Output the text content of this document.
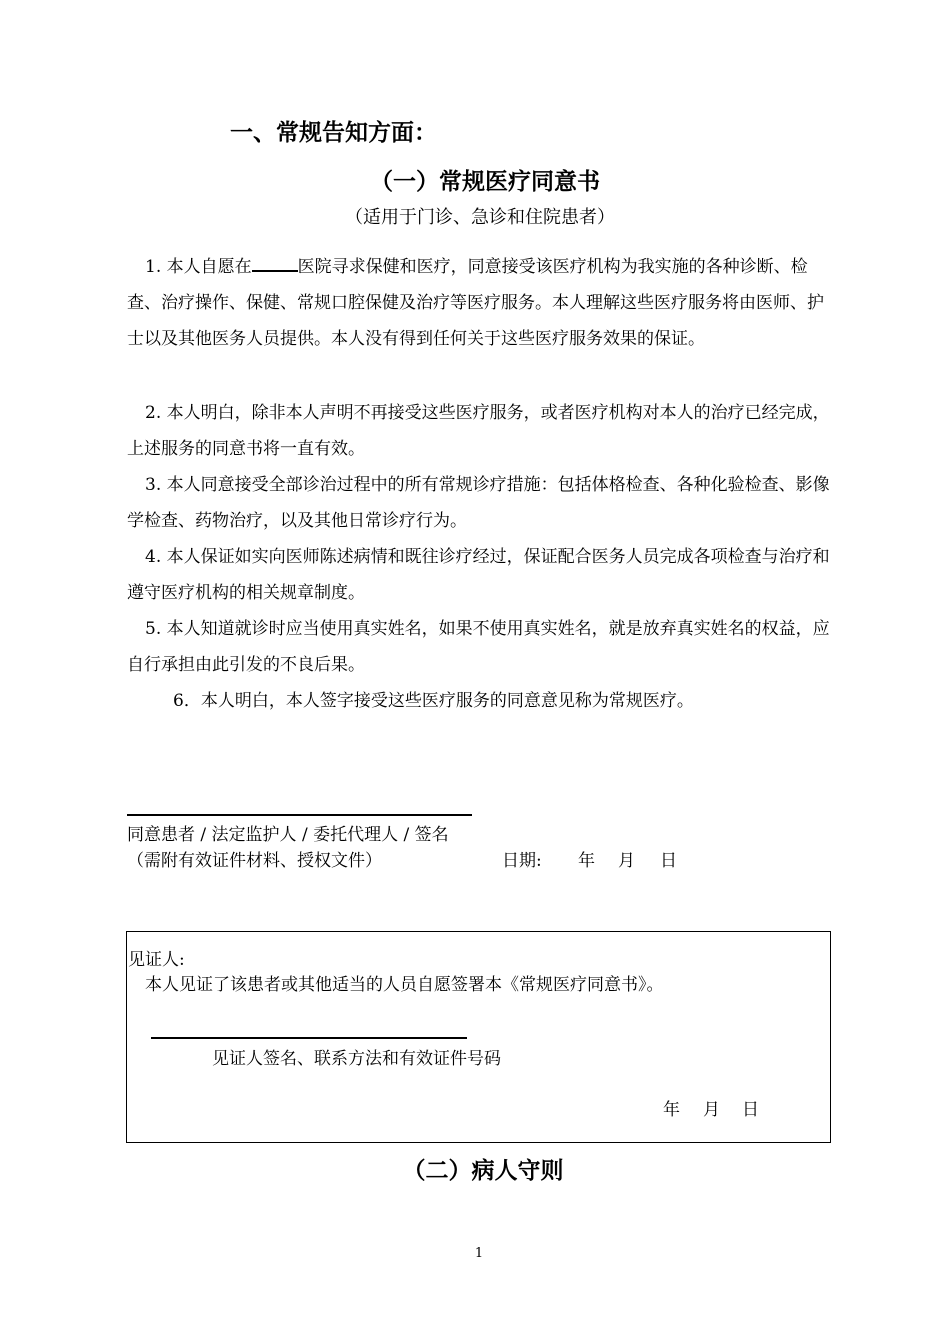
一、常规告知方面：
（一）常规医疗同意书
（适用于门诊、急诊和住院患者）
1. 本人自愿在	医院寻求保健和医疗，同意接受该医疗机构为我实施的各种诊断、检查、治疗操作、保健、常规口腔保健及治疗等医疗服务。本人理解这些医疗服务将由医师、护士以及其他医务人员提供。本人没有得到任何关于这些医疗服务效果的保证。
2. 本人明白，除非本人声明不再接受这些医疗服务，或者医疗机构对本人的治疗已经完成，上述服务的同意书将一直有效。
3. 本人同意接受全部诊治过程中的所有常规诊疗措施：包括体格检查、各种化验检查、影像学检查、药物治疗，以及其他日常诊疗行为。
4. 本人保证如实向医师陈述病情和既往诊疗经过，保证配合医务人员完成各项检查与治疗和遵守医疗机构的相关规章制度。
5. 本人知道就诊时应当使用真实姓名，如果不使用真实姓名，就是放弃真实姓名的权益，应自行承担由此引发的不良后果。
6．本人明白，本人签字接受这些医疗服务的同意意见称为常规医疗。
同意患者 / 法定监护人 / 委托代理人 / 签名
（需附有效证件材料、授权文件）	日期: 年 月 日
见证人:
本人见证了该患者或其他适当的人员自愿签署本《常规医疗同意书》。
见证人签名、联系方法和有效证件号码
年 月 日
（二）病人守则
1
